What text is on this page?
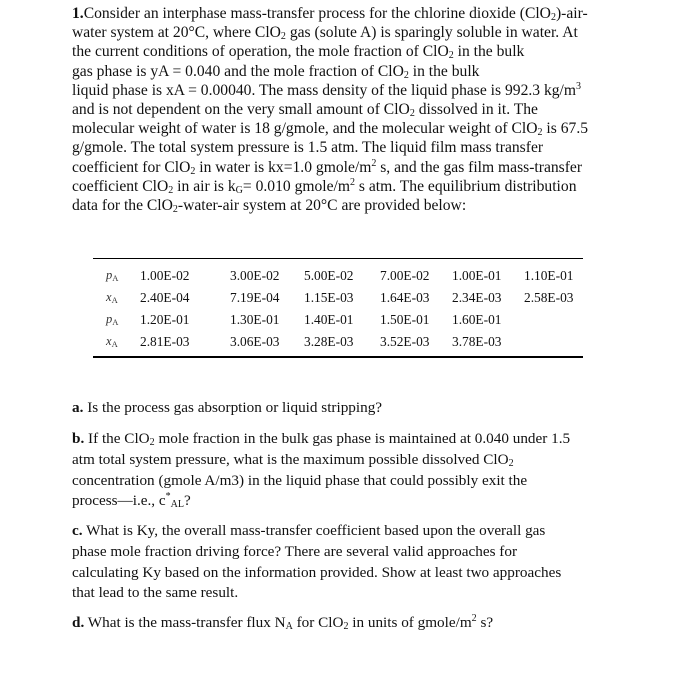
1.Consider an interphase mass-transfer process for the chlorine dioxide (ClO$_2$)-air-
water system at 20°C, where ClO$_2$ gas (solute A) is sparingly soluble in water. At
the current conditions of operation, the mole fraction of ClO$_2$ in the bulk
gas phase is yA = 0.040 and the mole fraction of ClO$_2$ in the bulk
liquid phase is xA = 0.00040. The mass density of the liquid phase is 992.3 $kg/m^3$
and is not dependent on the very small amount of ClO$_2$ dissolved in it. The
molecular weight of water is 18 g/gmole, and the molecular weight of ClO$_2$ is 67.5
g/gmole. The total system pressure is 1.5 atm. The liquid film mass transfer
coefficient for ClO$_2$ in water is kx=1.0 gmole/$m^2$ s, and the gas film mass-transfer
coefficient ClO$_2$ in air is $k_G= 0.010$ gmole/$m^2$ s atm. The equilibrium distribution
data for the ClO$_2$-water-air system at 20°C are provided below:
$p_A$ 1.00E-02	3.00E-02 5.00E-02 7.00E-02 1.00E-01 1.10E-01
$x_A$ 2.40E-04	7.19E-04 1.15E-03 1.64E-03 2.34E-03 2.58E-03
$p_A$ 1.20E-01	1.30E-01 1.40E-01 1.50E-01 1.60E-01
$x_A$ 2.81E-03	3.06E-03 3.28E-03 3.52E-03 3.78E-03
a. Is the process gas absorption or liquid stripping?
b. If the ClO$_2$ mole fraction in the bulk gas phase is maintained at 0.040 under 1.5
atm total system pressure, what is the maximum possible dissolved ClO$_2$
concentration (gmole A/m3) in the liquid phase that could possibly exit the
process—i.e., $c^*_{AL}$?
c. What is Ky, the overall mass-transfer coefficient based upon the overall gas
phase mole fraction driving force? There are several valid approaches for
calculating Ky based on the information provided. Show at least two approaches
that lead to the same result.
d. What is the mass-transfer flux $N_A$ for ClO$_2$ in units of gmole/$m^2$ s?
